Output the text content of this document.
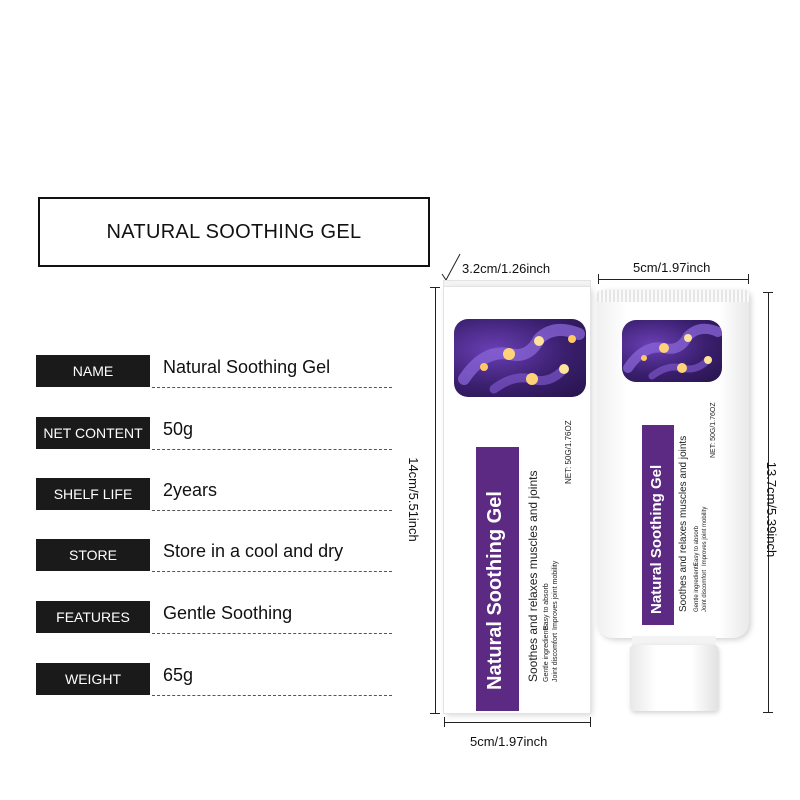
NATURAL SOOTHING GEL
NAME	Natural Soothing Gel
NET CONTENT	50g
SHELF LIFE	2years
STORE	Store in a cool and dry
FEATURES	Gentle Soothing
WEIGHT	65g
3.2cm/1.26inch	5cm/1.97inch
14cm/5.51inch	13.7cm/5.39inch
5cm/1.97inch
Natural Soothing Gel Soothes and relaxes muscles and joints Gentle ingredients Joint discomfort
Easy to absorb Improves joint mobility
NET: 50G/1.76OZ
Natural Soothing Gel Soothes and relaxes muscles and joints Gentle ingredients Joint discomfort
Easy to absorb Improves joint mobility
NET: 50G/1.76OZ
